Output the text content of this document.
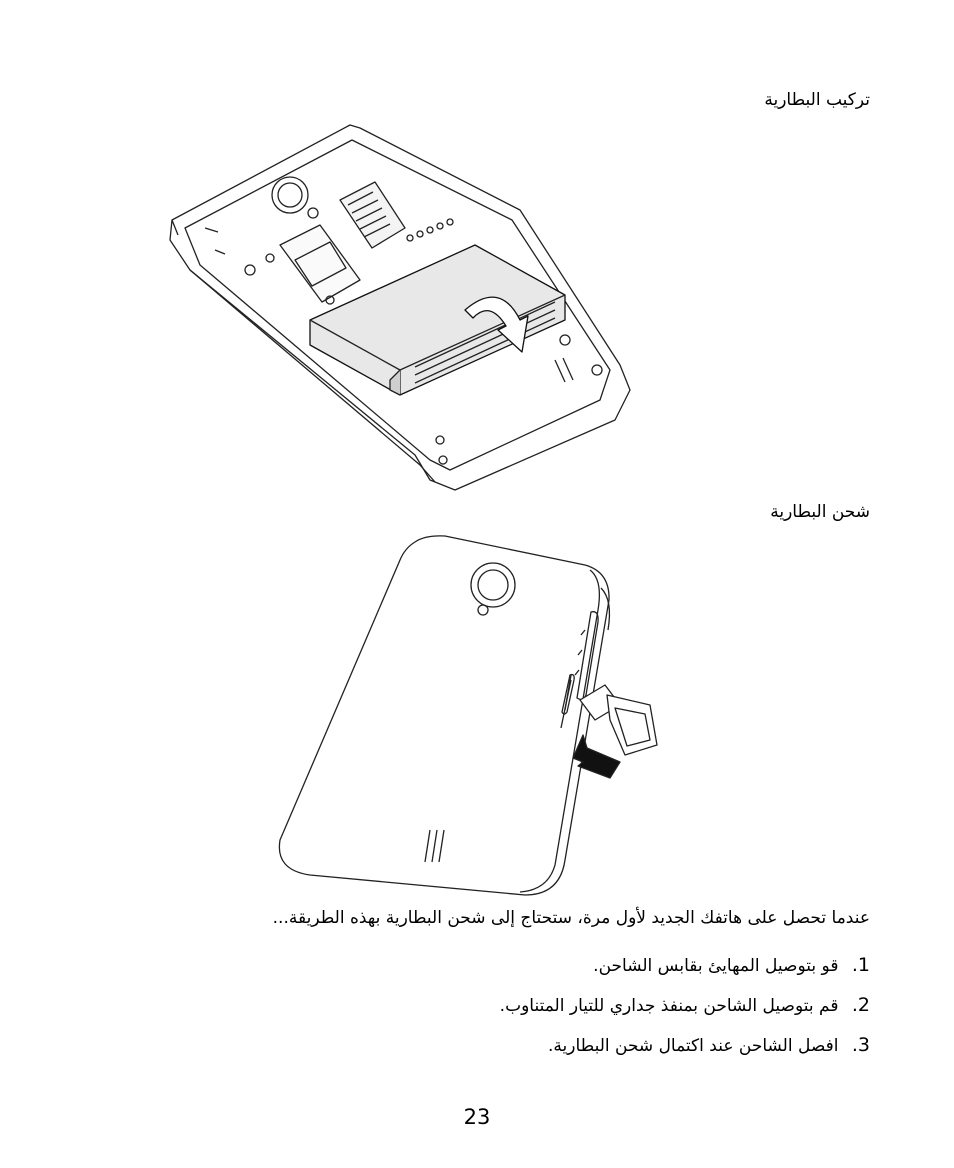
تركيب البطارية
شحن البطارية
عندما تحصل على هاتفك الجديد لأول مرة، ستحتاج إلى شحن البطارية بهذه الطريقة...
1. قو بتوصيل المهايئ بقابس الشاحن.
2. قم بتوصيل الشاحن بمنفذ جداري للتيار المتناوب.
3. افصل الشاحن عند اكتمال شحن البطارية.
23
